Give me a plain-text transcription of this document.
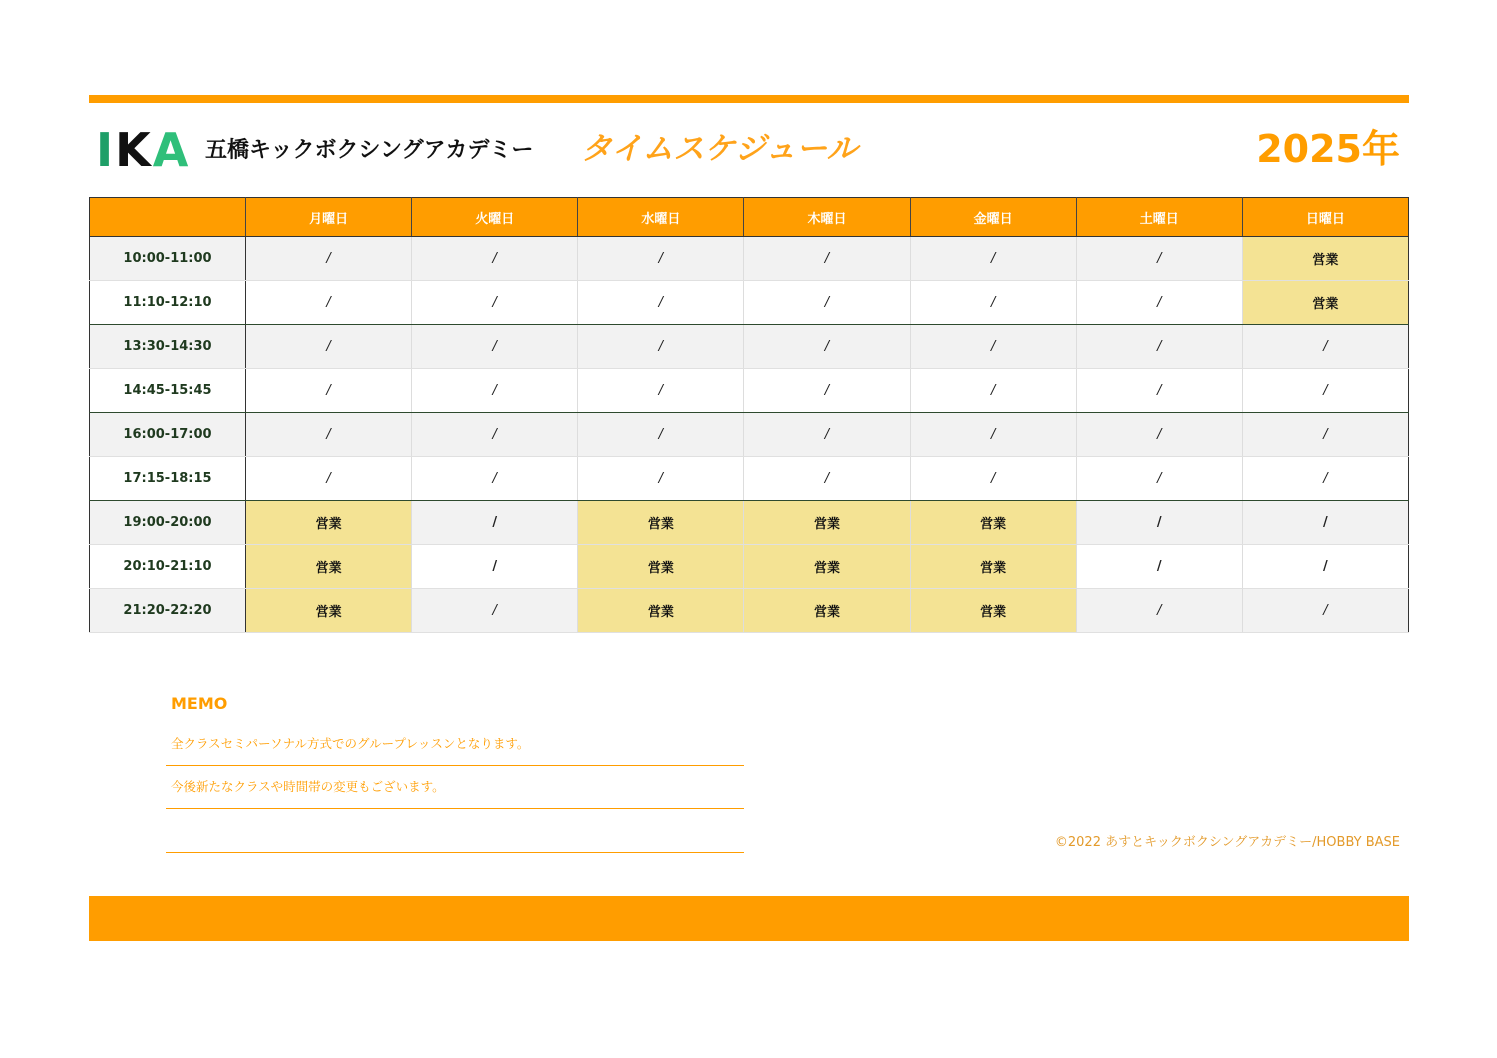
IKA 五橋キックボクシングアカデミー タイムスケジュール	2025年
	月曜日	火曜日	水曜日	木曜日	金曜日	土曜日	日曜日
10:00-11:00	/	/	/	/	/	/	営業
11:10-12:10	/	/	/	/	/	/	営業
13:30-14:30	/	/	/	/	/	/	/
14:45-15:45	/	/	/	/	/	/	/
16:00-17:00	/	/	/	/	/	/	/
17:15-18:15	/	/	/	/	/	/	/
19:00-20:00	営業	/	営業	営業	営業	/	/
20:10-21:10	営業	/	営業	営業	営業	/	/
21:20-22:20	営業	/	営業	営業	営業	/	/
MEMO
全クラスセミパーソナル方式でのグループレッスンとなります。
今後新たなクラスや時間帯の変更もございます。
©2022 あすとキックボクシングアカデミー/HOBBY BASE
